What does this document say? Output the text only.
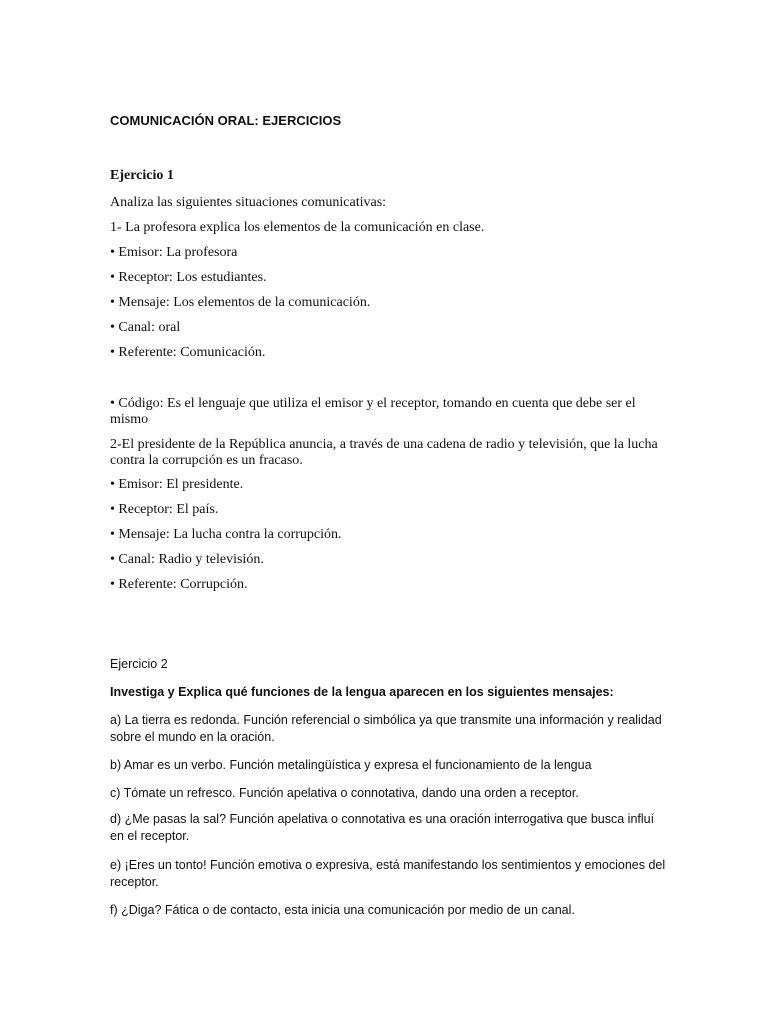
COMUNICACIÓN ORAL: EJERCICIOS

Ejercicio 1

Analiza las siguientes situaciones comunicativas:

1- La profesora explica los elementos de la comunicación en clase.

• Emisor: La profesora

• Receptor: Los estudiantes.

• Mensaje: Los elementos de la comunicación.

• Canal: oral

• Referente: Comunicación.

• Código: Es el lenguaje que utiliza el emisor y el receptor, tomando en cuenta que debe ser el mismo

2-El presidente de la República anuncia, a través de una cadena de radio y televisión, que la lucha contra la corrupción es un fracaso.

• Emisor: El presidente.

• Receptor: El país.

• Mensaje: La lucha contra la corrupción.

• Canal: Radio y televisión.

• Referente: Corrupción.

Ejercicio 2

Investiga y Explica qué funciones de la lengua aparecen en los siguientes mensajes:

a) La tierra es redonda. Función referencial o simbólica ya que transmite una información y realidad sobre el mundo en la oración.

b) Amar es un verbo. Función metalingüística y expresa el funcionamiento de la lengua

c) Tómate un refresco. Función apelativa o connotativa, dando una orden a receptor.

d) ¿Me pasas la sal? Función apelativa o connotativa es una oración interrogativa que busca influí en el receptor.

e) ¡Eres un tonto! Función emotiva o expresiva, está manifestando los sentimientos y emociones del receptor.

f) ¿Diga? Fática o de contacto, esta inicia una comunicación por medio de un canal.
